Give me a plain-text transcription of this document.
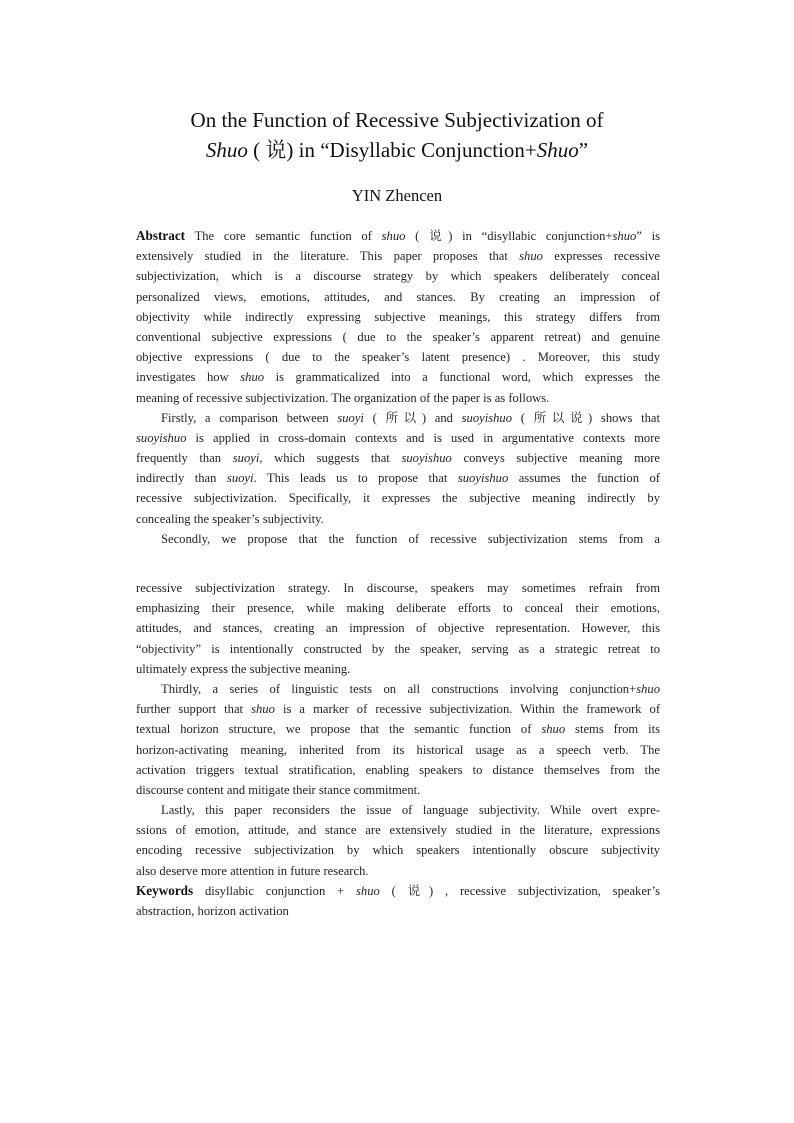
On the Function of Recessive Subjectivization of
Shuo ( 说) in “Disyllabic Conjunction+Shuo”
YIN Zhencen
Abstract The core semantic function of shuo ( 说) in “disyllabic conjunction+shuo” is
extensively studied in the literature. This paper proposes that shuo expresses recessive
subjectivization, which is a discourse strategy by which speakers deliberately conceal
personalized views, emotions, attitudes, and stances. By creating an impression of
objectivity while indirectly expressing subjective meanings, this strategy differs from
conventional subjective expressions ( due to the speaker’s apparent retreat) and genuine
objective expressions ( due to the speaker’s latent presence) . Moreover, this study
investigates how shuo is grammaticalized into a functional word, which expresses the
meaning of recessive subjectivization. The organization of the paper is as follows.
Firstly, a comparison between suoyi ( 所以) and suoyishuo ( 所以说) shows that
suoyishuo is applied in cross-domain contexts and is used in argumentative contexts more
frequently than suoyi, which suggests that suoyishuo conveys subjective meaning more
indirectly than suoyi. This leads us to propose that suoyishuo assumes the function of
recessive subjectivization. Specifically, it expresses the subjective meaning indirectly by
concealing the speaker’s subjectivity.
Secondly, we propose that the function of recessive subjectivization stems from a
recessive subjectivization strategy. In discourse, speakers may sometimes refrain from
emphasizing their presence, while making deliberate efforts to conceal their emotions,
attitudes, and stances, creating an impression of objective representation. However, this
“objectivity” is intentionally constructed by the speaker, serving as a strategic retreat to
ultimately express the subjective meaning.
Thirdly, a series of linguistic tests on all constructions involving conjunction+shuo
further support that shuo is a marker of recessive subjectivization. Within the framework of
textual horizon structure, we propose that the semantic function of shuo stems from its
horizon-activating meaning, inherited from its historical usage as a speech verb. The
activation triggers textual stratification, enabling speakers to distance themselves from the
discourse content and mitigate their stance commitment.
Lastly, this paper reconsiders the issue of language subjectivity. While overt expre-
ssions of emotion, attitude, and stance are extensively studied in the literature, expressions
encoding recessive subjectivization by which speakers intentionally obscure subjectivity
also deserve more attention in future research.
Keywords disyllabic conjunction + shuo ( 说) , recessive subjectivization, speaker’s
abstraction, horizon activation
